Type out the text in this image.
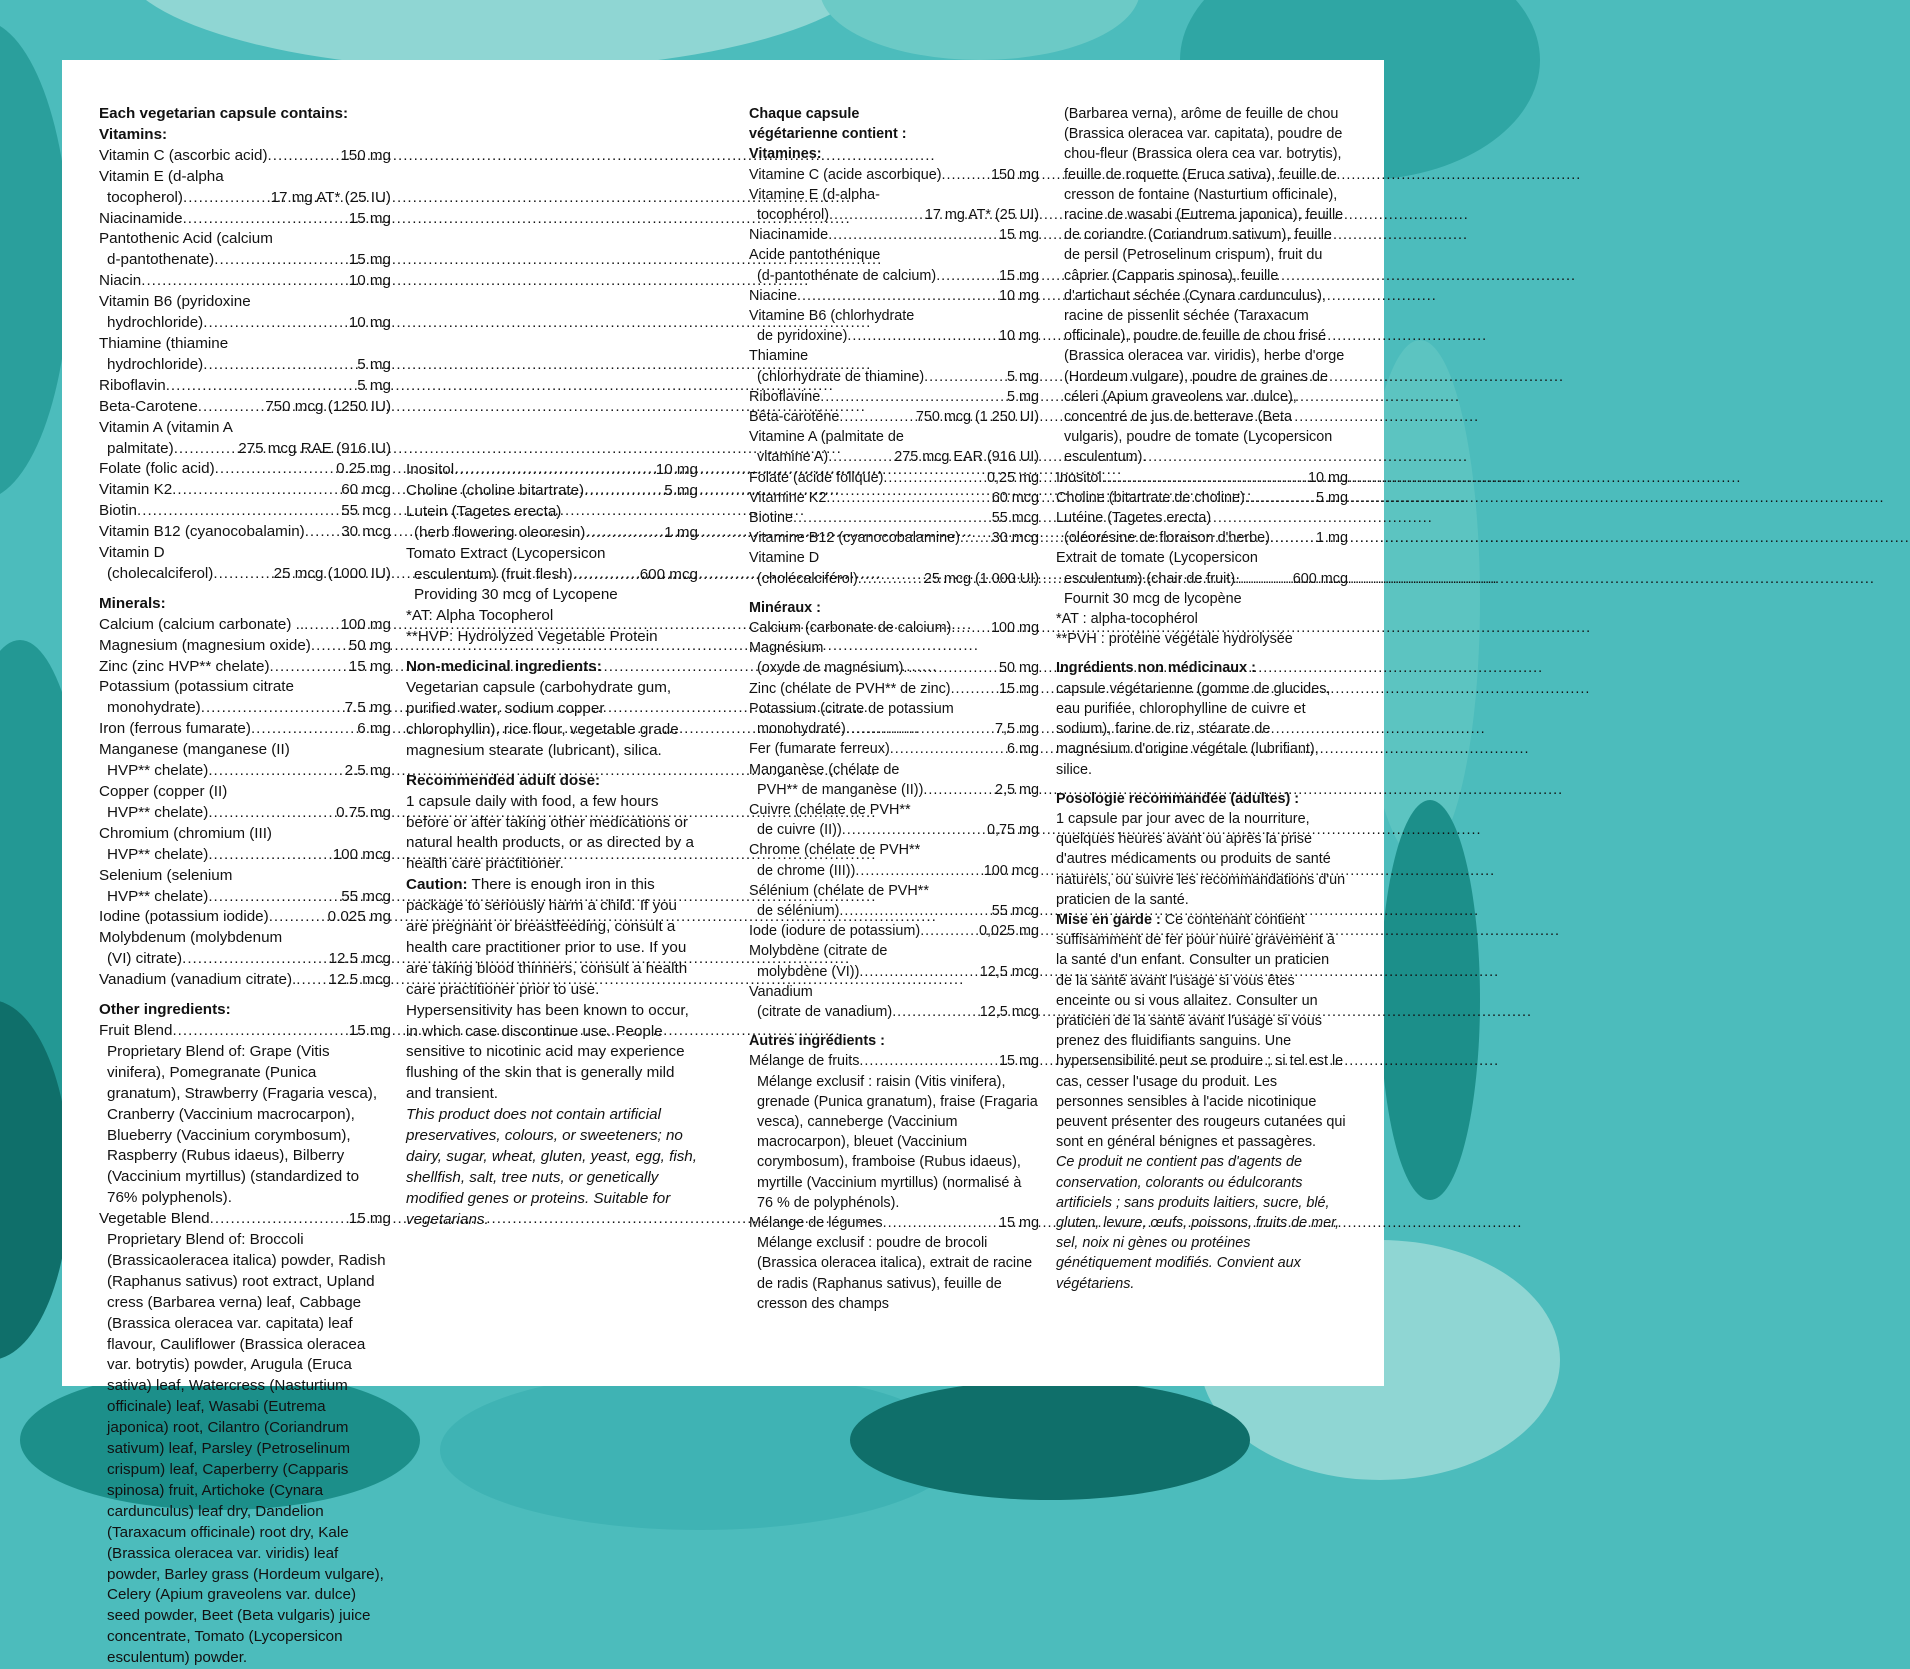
Each vegetarian capsule contains:
Vitamins:
Vitamin C (ascorbic acid) .....	150 mg
Vitamin E (d-alpha
tocopherol) .....	17 mg AT* (25 IU)
Niacinamide .....	15 mg
Pantothenic Acid (calcium
d-pantothenate) .....	15 mg
Niacin .....	10 mg
Vitamin B6 (pyridoxine
hydrochloride) .....	10 mg
Thiamine (thiamine
hydrochloride) .....	5 mg
Riboflavin .....	5 mg
Beta-Carotene .....	750 mcg (1250 IU)
Vitamin A (vitamin A
palmitate) .....	275 mcg RAE (916 IU)
Folate (folic acid) .....	0.25 mg
Vitamin K2 .....	60 mcg
Biotin .....	55 mcg
Vitamin B12 (cyanocobalamin) ..... 30 mcg
Vitamin D
(cholecalciferol) .....	25 mcg (1000 IU)
Minerals:
Calcium (calcium carbonate) .. ..... 100 mg
Magnesium (magnesium oxide) ..... 50 mg
Zinc (zinc HVP** chelate) .....	15 mg
Potassium (potassium citrate
monohydrate) .....	7.5 mg
Iron (ferrous fumarate) .....	6 mg
Manganese (manganese (II)
HVP** chelate) .....	2.5 mg
Copper (copper (II)
HVP** chelate) .....	0.75 mg
Chromium (chromium (III)
HVP** chelate) .....	100 mcg
Selenium (selenium
HVP** chelate) .....	55 mcg
Iodine (potassium iodide) .....	0.025 mg
Molybdenum (molybdenum
(VI) citrate) .....	12.5 mcg
Vanadium (vanadium citrate). ..... 12.5 mcg
Other ingredients:
Fruit Blend .....	15 mg
Proprietary Blend of: Grape (Vitis vinifera), Pomegranate (Punica granatum), Strawberry (Fragaria vesca), Cranberry (Vaccinium macrocarpon), Blueberry (Vaccinium corymbosum), Raspberry (Rubus idaeus), Bilberry (Vaccinium myrtillus) (standardized to 76% polyphenols).
Vegetable Blend .....	15 mg
Proprietary Blend of: Broccoli (Brassicaoleracea italica) powder, Radish (Raphanus sativus) root extract, Upland cress (Barbarea verna) leaf, Cabbage (Brassica oleracea var. capitata) leaf flavour, Cauliflower (Brassica oleracea var. botrytis) powder, Arugula (Eruca sativa) leaf, Watercress (Nasturtium officinale) leaf, Wasabi (Eutrema japonica) root, Cilantro (Coriandrum sativum) leaf, Parsley (Petroselinum crispum) leaf, Caperberry (Capparis spinosa) fruit, Artichoke (Cynara cardunculus) leaf dry, Dandelion (Taraxacum officinale) root dry, Kale (Brassica oleracea var. viridis) leaf powder, Barley grass (Hordeum vulgare), Celery (Apium graveolens var. dulce) seed powder, Beet (Beta vulgaris) juice concentrate, Tomato (Lycopersicon esculentum) powder.
Inositol .....	10 mg
Choline (choline bitartrate) .....	5 mg
Lutein (Tagetes erecta)
(herb flowering oleoresin) .....	1 mg
Tomato Extract (Lycopersicon
esculentum) (fruit flesh) .....	600 mcg
Providing 30 mcg of Lycopene
*AT: Alpha Tocopherol
**HVP: Hydrolyzed Vegetable Protein
Non-medicinal ingredients:

Vegetarian capsule (carbohydrate gum, purified water, sodium copper chlorophyllin), rice flour, vegetable grade magnesium stearate (lubricant), silica.

Recommended adult dose:

1 capsule daily with food, a few hours before or after taking other medications or natural health products, or as directed by a health care practitioner.

Caution: There is enough iron in this package to seriously harm a child. If you are pregnant or breastfeeding, consult a health care practitioner prior to use. If you are taking blood thinners, consult a health care practitioner prior to use. Hypersensitivity has been known to occur, in which case discontinue use. People sensitive to nicotinic acid may experience flushing of the skin that is generally mild and transient.

This product does not contain artificial preservatives, colours, or sweeteners; no dairy, sugar, wheat, gluten, yeast, egg, fish, shellfish, salt, tree nuts, or genetically modified genes or proteins. Suitable for vegetarians.

Chaque capsule végétarienne contient :
Vitamines:
Vitamine C (acide ascorbique) .....	150 mg
Vitamine E (d-alpha-
tocophérol) .....	17 mg AT* (25 UI)
Niacinamide .....	15 mg
Acide pantothénique
(d-pantothénate de calcium) .....	15 mg
Niacine .....	10 mg
Vitamine B6 (chlorhydrate
de pyridoxine) .....	10 mg
Thiamine
(chlorhydrate de thiamine) .....	5 mg
Riboflavine .....	5 mg
Bêta-carotène .....	750 mcg (1 250 UI)
Vitamine A (palmitate de
vitamine A) .....	275 mcg EAR (916 UI)
Folate (acide folique) .....	0,25 mg
Vitamine K2 .....	60 mcg
Biotine .....	55 mcg
Vitamine B12 (cyanocobalamine) ..... 30 mcg
Vitamine D
(cholécalciférol) .....	25 mcg (1 000 UI)
Minéraux :
Calcium (carbonate de calcium) .....	100 mg
Magnésium
(oxyde de magnésium) .....	50 mg
Zinc (chélate de PVH** de zinc) .....	15 mg
Potassium (citrate de potassium
monohydraté) .....	7,5 mg
Fer (fumarate ferreux) .....	6 mg
Manganèse (chélate de
PVH** de manganèse (II)) .....	2,5 mg
Cuivre (chélate de PVH**
de cuivre (II)) .....	0,75 mg
Chrome (chélate de PVH**
de chrome (III)) .....	100 mcg
Sélénium (chélate de PVH**
de sélénium) .....	55 mcg
Iode (iodure de potassium) .....	0,025 mg
Molybdène (citrate de
molybdène (VI)) .....	12,5 mcg
Vanadium
(citrate de vanadium) .....	12,5 mcg
Autres ingrédients :
Mélange de fruits .....	15 mg
Mélange exclusif : raisin (Vitis vinifera), grenade (Punica granatum), fraise (Fragaria vesca), canneberge (Vaccinium macrocarpon), bleuet (Vaccinium corymbosum), framboise (Rubus idaeus), myrtille (Vaccinium myrtillus) (normalisé à 76 % de polyphénols).
Mélange de légumes .....	15 mg
Mélange exclusif : poudre de brocoli (Brassica oleracea italica), extrait de racine de radis (Raphanus sativus), feuille de cresson des champs
(Barbarea verna), arôme de feuille de chou (Brassica oleracea var. capitata), poudre de chou-fleur (Brassica olera cea var. botrytis), feuille de roquette (Eruca sativa), feuille de cresson de fontaine (Nasturtium officinale), racine de wasabi (Eutrema japonica), feuille de coriandre (Coriandrum sativum), feuille de persil (Petroselinum crispum), fruit du câprier (Capparis spinosa), feuille d'artichaut séchée (Cynara cardunculus), racine de pissenlit séchée (Taraxacum officinale), poudre de feuille de chou frisé (Brassica oleracea var. viridis), herbe d'orge (Hordeum vulgare), poudre de graines de céleri (Apium graveolens var. dulce), concentré de jus de betterave (Beta vulgaris), poudre de tomate (Lycopersicon esculentum).
Inositol .....	10 mg
Choline (bitartrate de choline) .....	5 mg
Lutéine (Tagetes erecta)
(oléorésine de floraison d'herbe) .....	1 mg
Extrait de tomate (Lycopersicon
esculentum) (chair de fruit) .....	600 mcg
Fournit 30 mcg de lycopène
*AT : alpha-tocophérol
**PVH : protéine végétale hydrolysée
Ingrédients non médicinaux :

capsule végétarienne (gomme de glucides, eau purifiée, chlorophylline de cuivre et sodium), farine de riz, stéarate de magnésium d'origine végétale (lubrifiant), silice.

Posologie recommandée (adultes) :

1 capsule par jour avec de la nourriture, quelques heures avant ou après la prise d'autres médicaments ou produits de santé naturels, ou suivre les recommandations d'un praticien de la santé.

Mise en garde : Ce contenant contient suffisamment de fer pour nuire gravement à la santé d'un enfant. Consulter un praticien de la santé avant l'usage si vous êtes enceinte ou si vous allaitez. Consulter un praticien de la santé avant l'usage si vous prenez des fluidifiants sanguins. Une hypersensibilité peut se produire ; si tel est le cas, cesser l'usage du produit. Les personnes sensibles à l'acide nicotinique peuvent présenter des rougeurs cutanées qui sont en général bénignes et passagères.

Ce produit ne contient pas d'agents de conservation, colorants ou édulcorants artificiels ; sans produits laitiers, sucre, blé, gluten, levure, œufs, poissons, fruits de mer, sel, noix ni gènes ou protéines génétiquement modifiés. Convient aux végétariens.
